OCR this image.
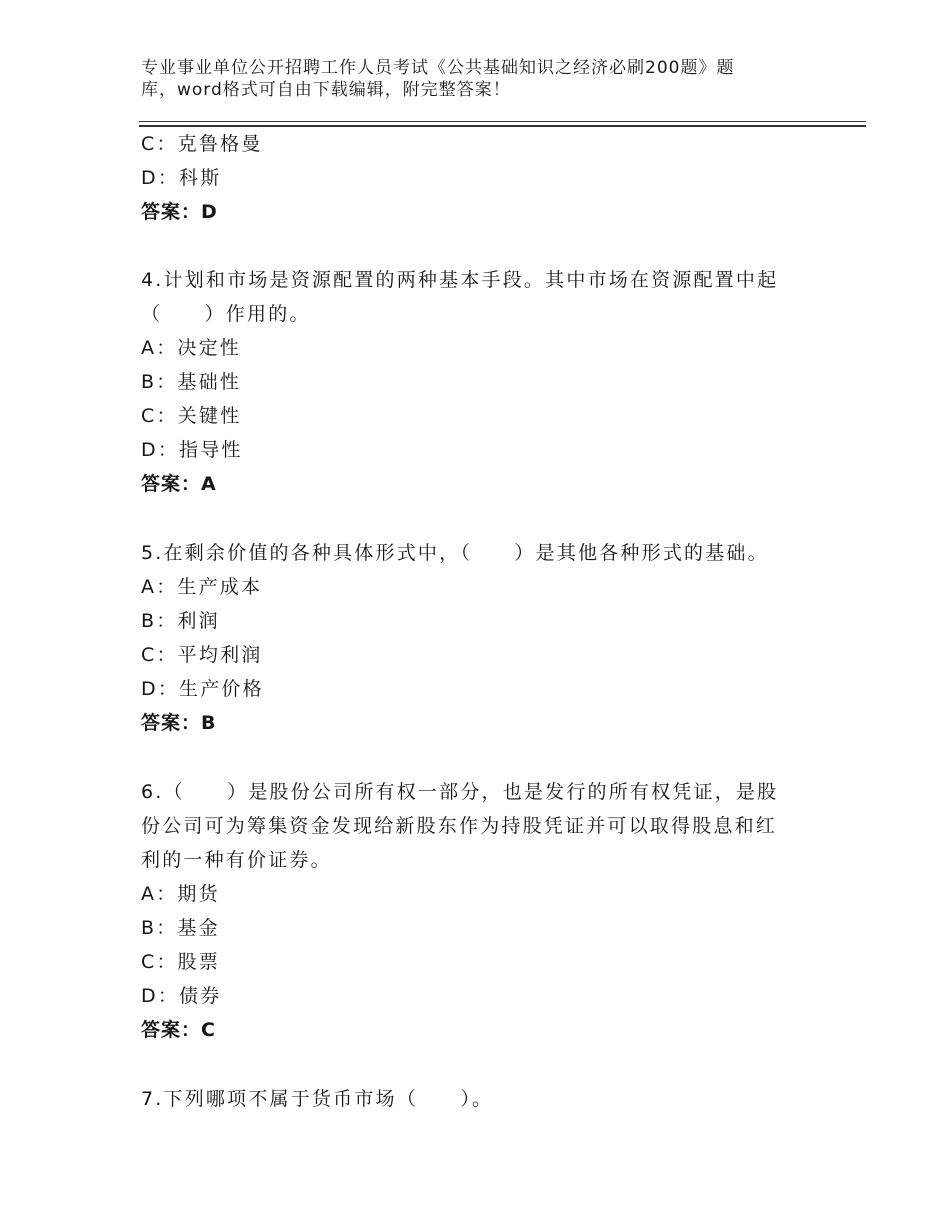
专业事业单位公开招聘工作人员考试《公共基础知识之经济必刷200题》题
库，word格式可自由下载编辑，附完整答案！
C：克鲁格曼
D：科斯
答案：D
4.计划和市场是资源配置的两种基本手段。其中市场在资源配置中起
（　　）作用的。
A：决定性
B：基础性
C：关键性
D：指导性
答案：A
5.在剩余价值的各种具体形式中，（　　）是其他各种形式的基础。
A：生产成本
B：利润
C：平均利润
D：生产价格
答案：B
6.（　　）是股份公司所有权一部分，也是发行的所有权凭证，是股
份公司可为筹集资金发现给新股东作为持股凭证并可以取得股息和红
利的一种有价证券。
A：期货
B：基金
C：股票
D：债券
答案：C
7.下列哪项不属于货币市场（　　）。
